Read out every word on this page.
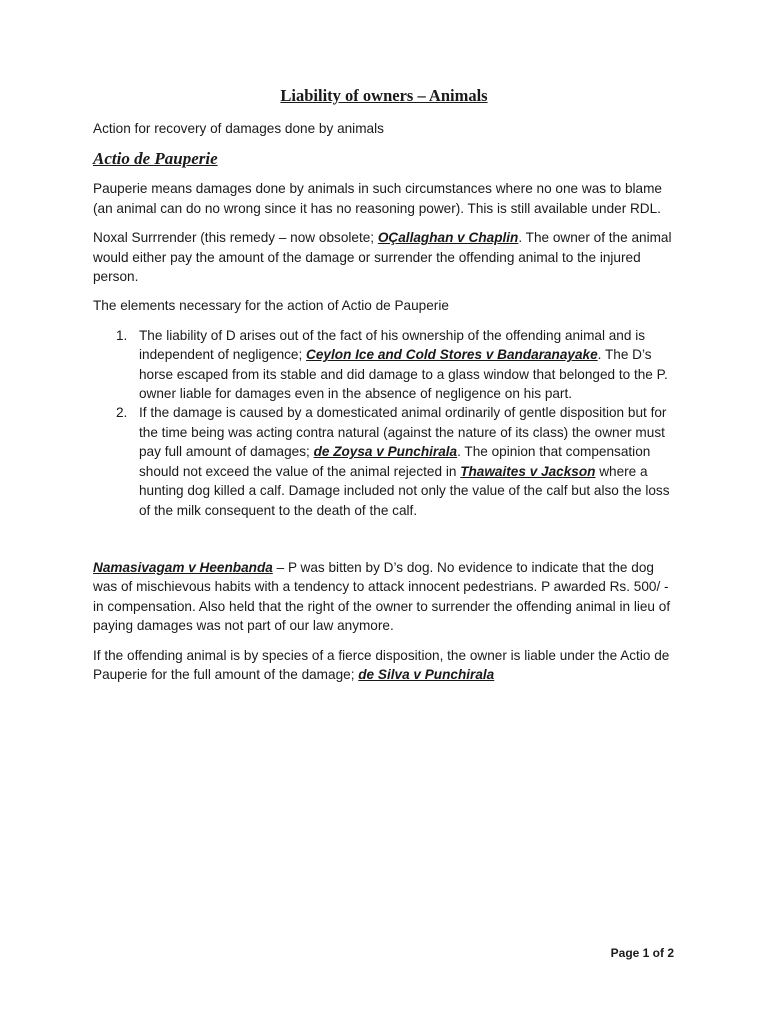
Liability of owners – Animals

Action for recovery of damages done by animals

Actio de Pauperie

Pauperie means damages done by animals in such circumstances where no one was to blame (an animal can do no wrong since it has no reasoning power). This is still available under RDL.

Noxal Surrrender (this remedy – now obsolete; OÇallaghan v Chaplin. The owner of the animal would either pay the amount of the damage or surrender the offending animal to the injured person.

The elements necessary for the action of Actio de Pauperie

1. The liability of D arises out of the fact of his ownership of the offending animal and is independent of negligence; Ceylon Ice and Cold Stores v Bandaranayake. The D’s horse escaped from its stable and did damage to a glass window that belonged to the P. owner liable for damages even in the absence of negligence on his part.
2. If the damage is caused by a domesticated animal ordinarily of gentle disposition but for the time being was acting contra natural (against the nature of its class) the owner must pay full amount of damages; de Zoysa v Punchirala. The opinion that compensation should not exceed the value of the animal rejected in Thawaites v Jackson where a hunting dog killed a calf. Damage included not only the value of the calf but also the loss of the milk consequent to the death of the calf.

Namasivagam v Heenbanda – P was bitten by D’s dog. No evidence to indicate that the dog was of mischievous habits with a tendency to attack innocent pedestrians. P awarded Rs. 500/ - in compensation. Also held that the right of the owner to surrender the offending animal in lieu of paying damages was not part of our law anymore.

If the offending animal is by species of a fierce disposition, the owner is liable under the Actio de Pauperie for the full amount of the damage; de Silva v Punchirala

Page 1 of 2
